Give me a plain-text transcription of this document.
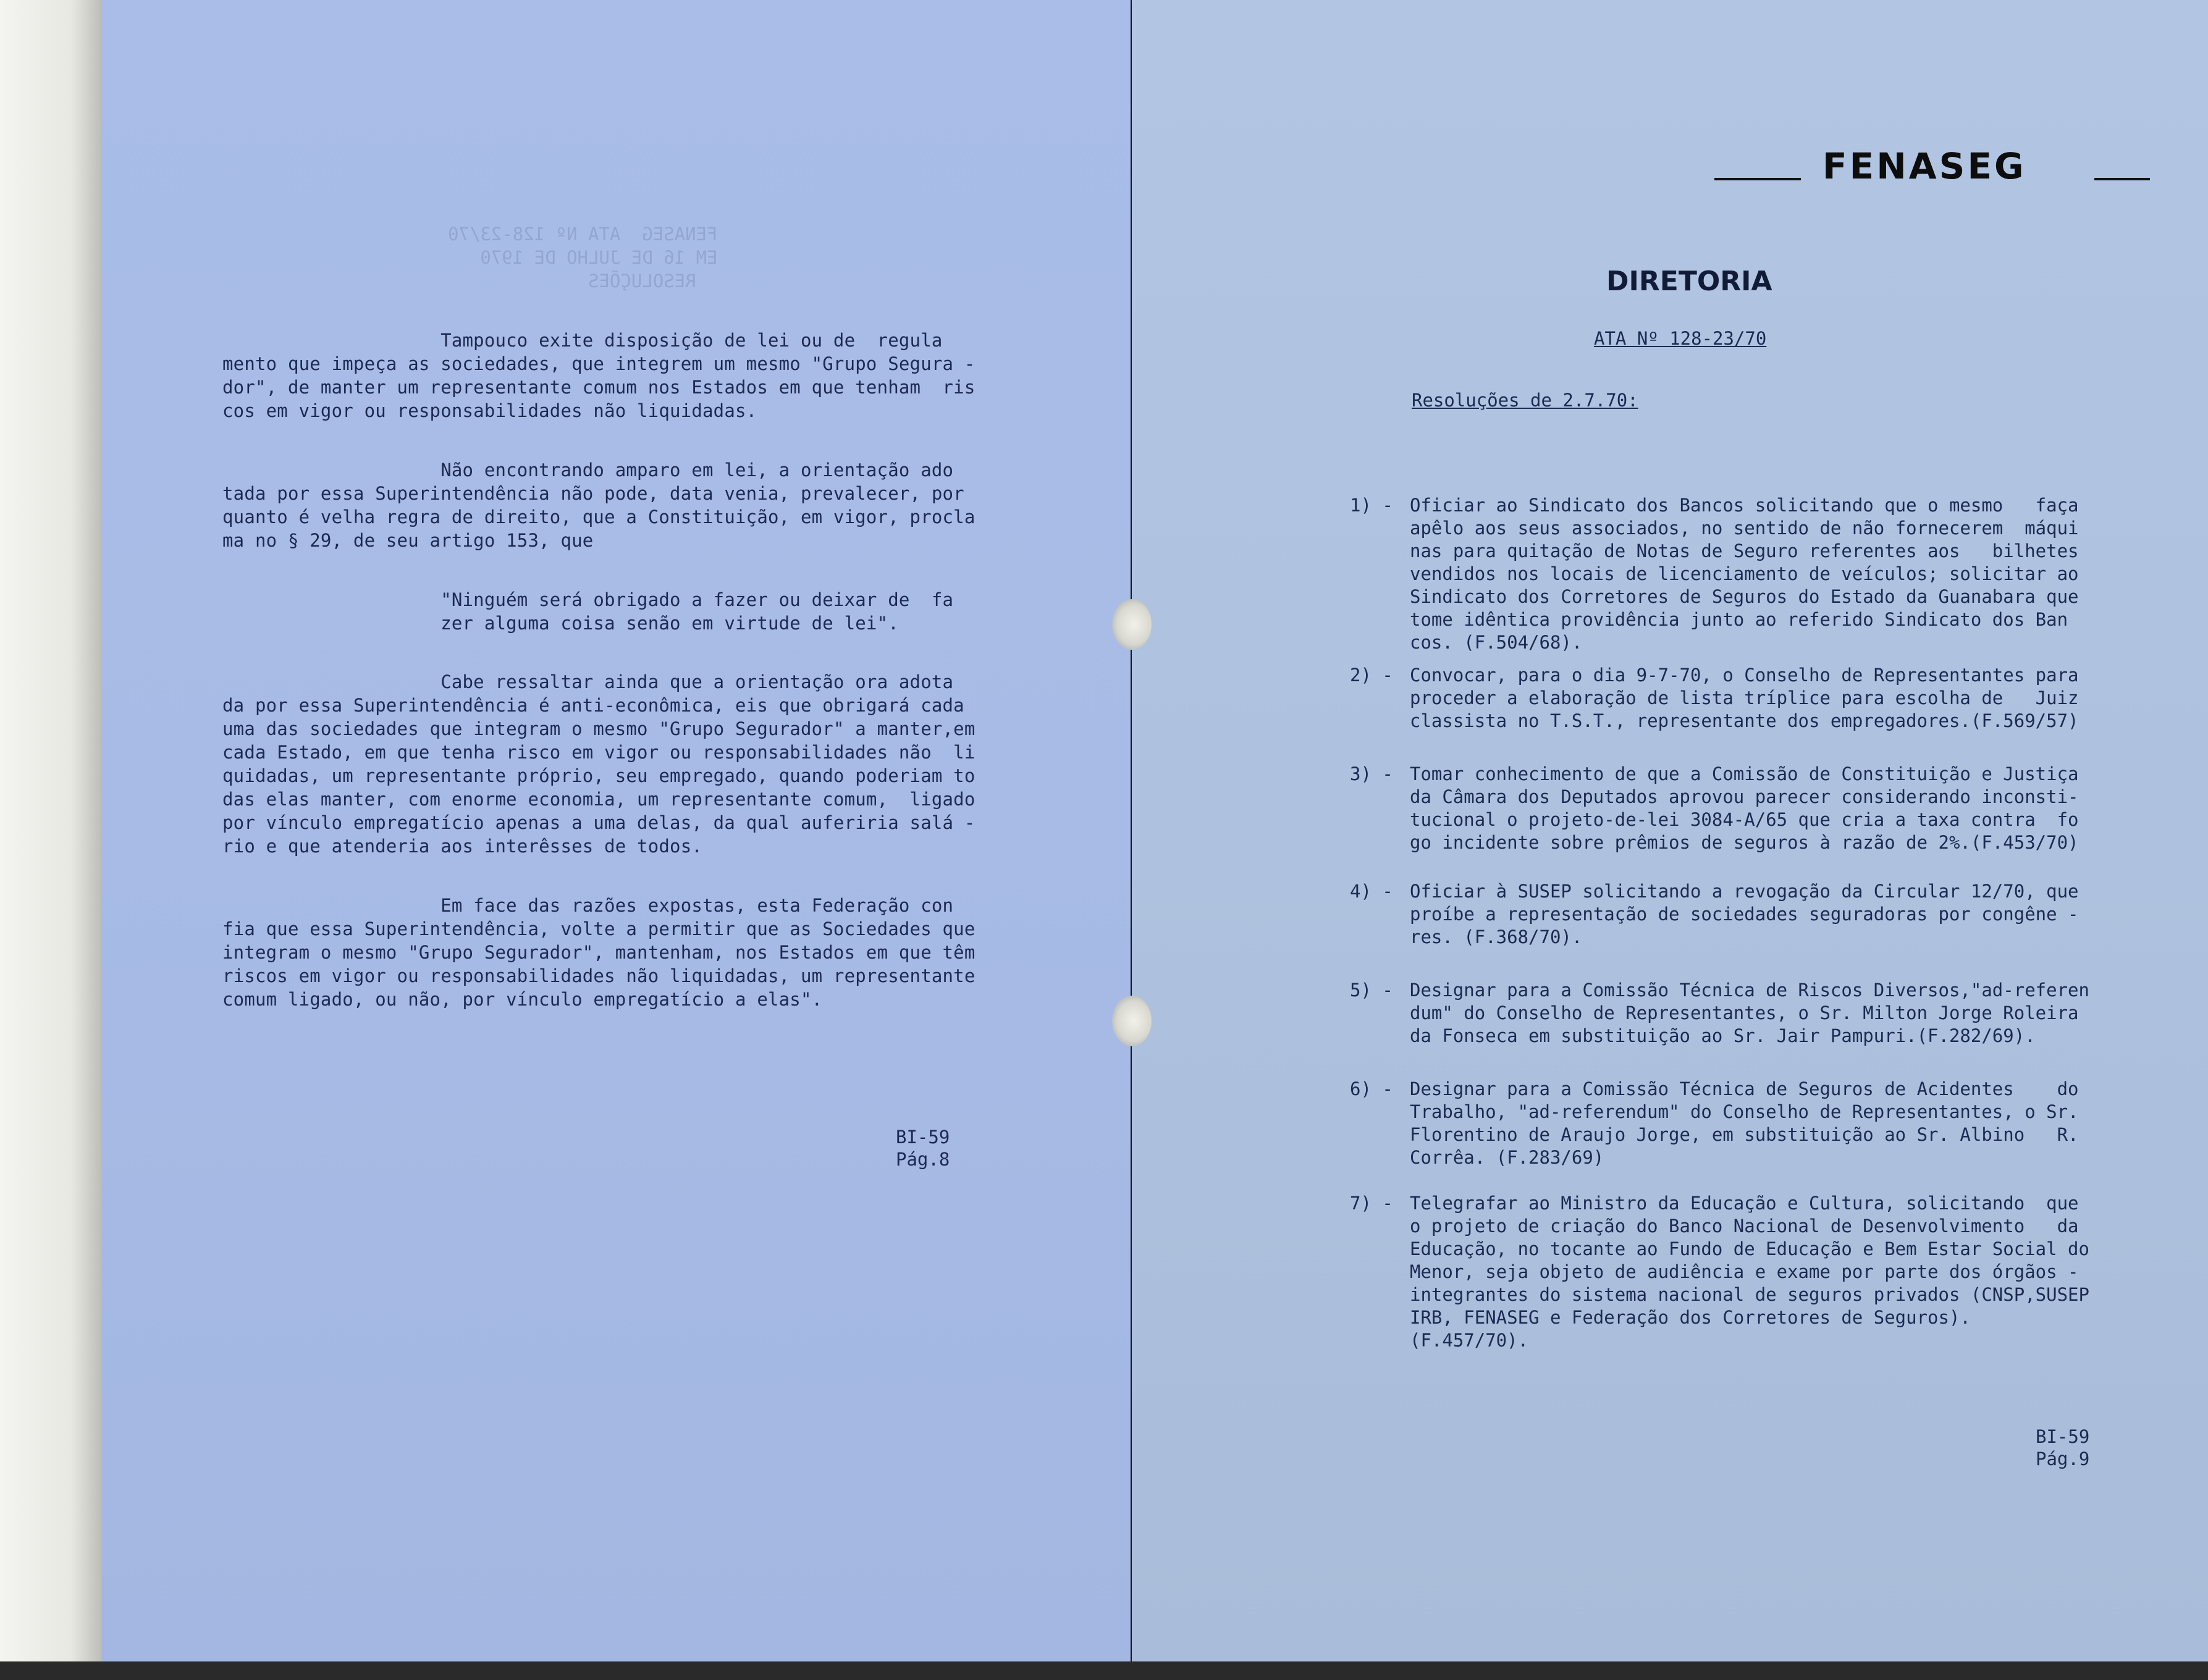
FENASEG  ATA Nº 128-23/70
EM 16 DE JULHO DE 1970
RESOLUÇÕES

Tampouco exite disposição de lei ou de  regula
mento que impeça as sociedades, que integrem um mesmo "Grupo Segura -
dor", de manter um representante comum nos Estados em que tenham  ris
cos em vigor ou responsabilidades não liquidadas.

Não encontrando amparo em lei, a orientação ado
tada por essa Superintendência não pode, data venia, prevalecer, por
quanto é velha regra de direito, que a Constituição, em vigor, procla
ma no § 29, de seu artigo 153, que

"Ninguém será obrigado a fazer ou deixar de  fa
zer alguma coisa senão em virtude de lei".

Cabe ressaltar ainda que a orientação ora adota
da por essa Superintendência é anti-econômica, eis que obrigará cada
uma das sociedades que integram o mesmo "Grupo Segurador" a manter,em
cada Estado, em que tenha risco em vigor ou responsabilidades não  li
quidadas, um representante próprio, seu empregado, quando poderiam to
das elas manter, com enorme economia, um representante comum,  ligado
por vínculo empregatício apenas a uma delas, da qual auferiria salá -
rio e que atenderia aos interêsses de todos.

Em face das razões expostas, esta Federação con
fia que essa Superintendência, volte a permitir que as Sociedades que
integram o mesmo "Grupo Segurador", mantenham, nos Estados em que têm
riscos em vigor ou responsabilidades não liquidadas, um representante
comum ligado, ou não, por vínculo empregatício a elas".

BI-59
Pág.8
FENASEG
DIRETORIA
ATA Nº 128-23/70
Resoluções de 2.7.70:
1) - Oficiar ao Sindicato dos Bancos solicitando que o mesmo   faça
apêlo aos seus associados, no sentido de não fornecerem  máqui
nas para quitação de Notas de Seguro referentes aos   bilhetes
vendidos nos locais de licenciamento de veículos; solicitar ao
Sindicato dos Corretores de Seguros do Estado da Guanabara que
tome idêntica providência junto ao referido Sindicato dos Ban
cos. (F.504/68).

2) - Convocar, para o dia 9-7-70, o Conselho de Representantes para
proceder a elaboração de lista tríplice para escolha de   Juiz
classista no T.S.T., representante dos empregadores.(F.569/57)

3) - Tomar conhecimento de que a Comissão de Constituição e Justiça
da Câmara dos Deputados aprovou parecer considerando inconsti-
tucional o projeto-de-lei 3084-A/65 que cria a taxa contra  fo
go incidente sobre prêmios de seguros à razão de 2%.(F.453/70)

4) - Oficiar à SUSEP solicitando a revogação da Circular 12/70, que
proíbe a representação de sociedades seguradoras por congêne -
res. (F.368/70).

5) - Designar para a Comissão Técnica de Riscos Diversos,"ad-referen
dum" do Conselho de Representantes, o Sr. Milton Jorge Roleira
da Fonseca em substituição ao Sr. Jair Pampuri.(F.282/69).

6) - Designar para a Comissão Técnica de Seguros de Acidentes    do
Trabalho, "ad-referendum" do Conselho de Representantes, o Sr.
Florentino de Araujo Jorge, em substituição ao Sr. Albino   R.
Corrêa. (F.283/69)

7) - Telegrafar ao Ministro da Educação e Cultura, solicitando  que
o projeto de criação do Banco Nacional de Desenvolvimento   da
Educação, no tocante ao Fundo de Educação e Bem Estar Social do
Menor, seja objeto de audiência e exame por parte dos órgãos -
integrantes do sistema nacional de seguros privados (CNSP,SUSEP
IRB, FENASEG e Federação dos Corretores de Seguros).
(F.457/70).

BI-59
Pág.9
